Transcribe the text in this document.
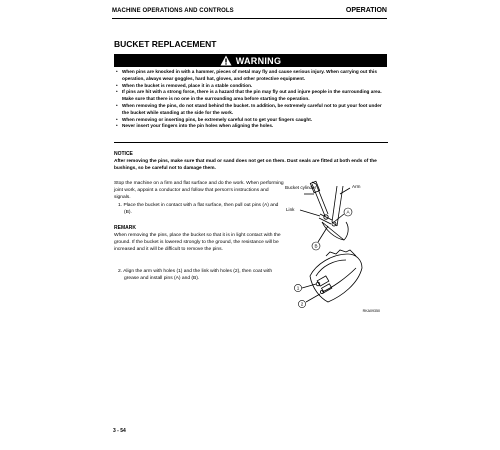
MACHINE OPERATIONS AND CONTROLS	OPERATION
BUCKET REPLACEMENT
WARNING
• When pins are knocked in with a hammer, pieces of metal may fly and cause serious injury. When carrying out this operation, always wear goggles, hard hat, gloves, and other protective equipment.
• When the bucket is removed, place it in a stable condition.
• If pins are hit with a strong force, there is a hazard that the pin may fly out and injure people in the surrounding area. Make sure that there is no one in the surrounding area before starting the operation.
• When removing the pins, do not stand behind the bucket. In addition, be extremely careful not to put your foot under the bucket while standing at the side for the work.
• When removing or inserting pins, be extremely careful not to get your fingers caught.
• Never insert your fingers into the pin holes when aligning the holes.
NOTICE
After removing the pins, make sure that mud or sand does not get on them. Dust seals are fitted at both ends of the bushings, so be careful not to damage them.
Stop the machine on a firm and flat surface and do the work. When performing joint work, appoint a conductor and follow that person's instructions and signals.
1. Place the bucket in contact with a flat surface, then pull out pins (A) and (B).
REMARK
When removing the pins, place the bucket so that it is in light contact with the ground. If the bucket is lowered strongly to the ground, the resistance will be increased and it will be difficult to remove the pins.
2. Align the arm with holes (1) and the link with holes (2), then coat with grease and install pins (A) and (B).
Bucket cylinder	Arm
Link
RKA09350
A
B
1
2
3 - 54
